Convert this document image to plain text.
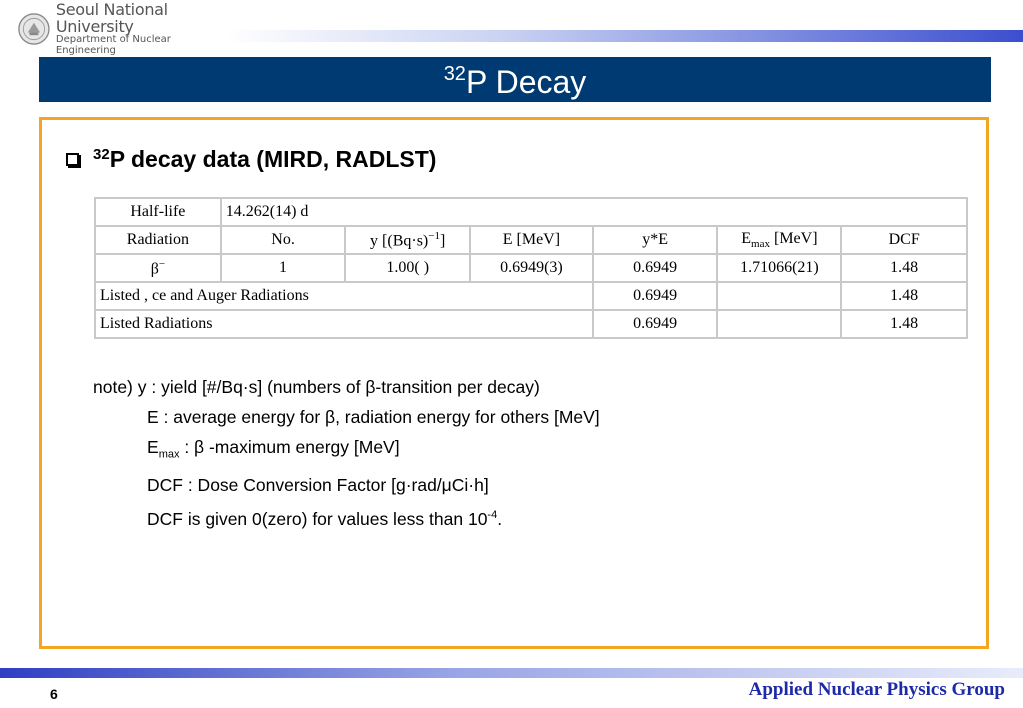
Seoul National University
Department of Nuclear Engineering
$^{32}$P Decay
$^{32}$P decay data (MIRD, RADLST)
Half-life	14.262(14) d					
Radiation	No.	y $[(Bq\cdot s)^{-1}]$	E [MeV]	y*E	$E_{max}$ [MeV]	DCF
β−	1	1.00( )	0.6949(3)	0.6949	1.71066(21)	1.48
Listed , ce and Auger Radiations				0.6949		1.48
Listed Radiations				0.6949		1.48
note) y : yield [#/Bq·s] (numbers of β-transition per decay)
E : average energy for β, radiation energy for others [MeV]
$E_{max}$ : β -maximum energy [MeV]
DCF : Dose Conversion Factor [g·rad/μCi·h]
DCF is given 0(zero) for values less than $10^{-4}$.
6	Applied Nuclear Physics Group
